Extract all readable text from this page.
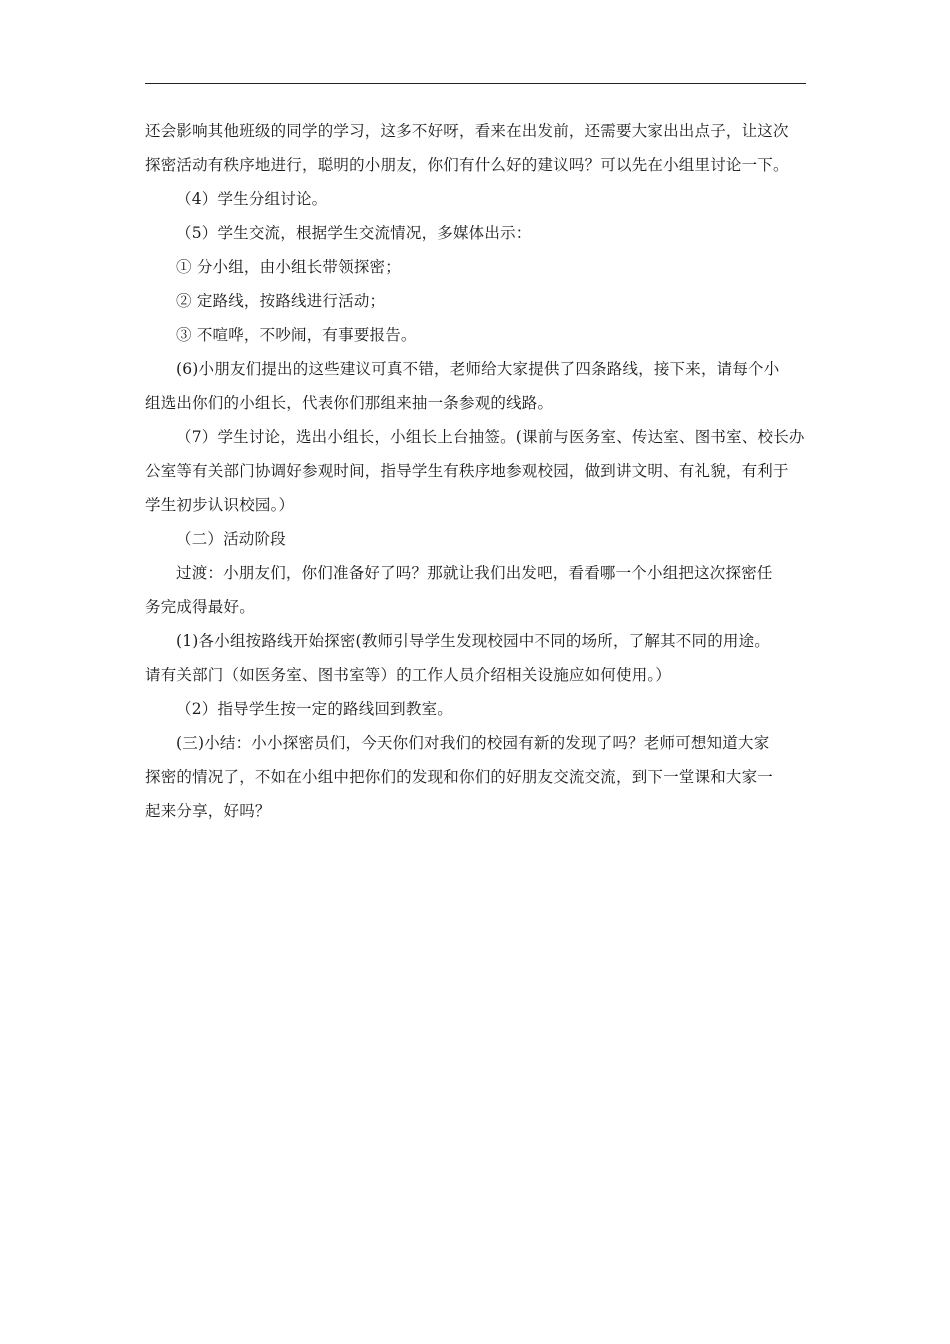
还会影响其他班级的同学的学习，这多不好呀，看来在出发前，还需要大家出出点子，让这次
探密活动有秩序地进行，聪明的小朋友，你们有什么好的建议吗？可以先在小组里讨论一下。
（4）学生分组讨论。
（5）学生交流，根据学生交流情况，多媒体出示：
① 分小组，由小组长带领探密；
② 定路线，按路线进行活动；
③ 不喧哗，不吵闹，有事要报告。
(6)小朋友们提出的这些建议可真不错，老师给大家提供了四条路线，接下来，请每个小
组选出你们的小组长，代表你们那组来抽一条参观的线路。
（7）学生讨论，选出小组长，小组长上台抽签。(课前与医务室、传达室、图书室、校长办
公室等有关部门协调好参观时间，指导学生有秩序地参观校园，做到讲文明、有礼貌，有利于
学生初步认识校园。）
（二）活动阶段
过渡：小朋友们，你们准备好了吗？那就让我们出发吧，看看哪一个小组把这次探密任
务完成得最好。
(1)各小组按路线开始探密(教师引导学生发现校园中不同的场所，了解其不同的用途。
请有关部门（如医务室、图书室等）的工作人员介绍相关设施应如何使用。）
（2）指导学生按一定的路线回到教室。
(三)小结：小小探密员们，今天你们对我们的校园有新的发现了吗？老师可想知道大家
探密的情况了，不如在小组中把你们的发现和你们的好朋友交流交流，到下一堂课和大家一
起来分享，好吗？
